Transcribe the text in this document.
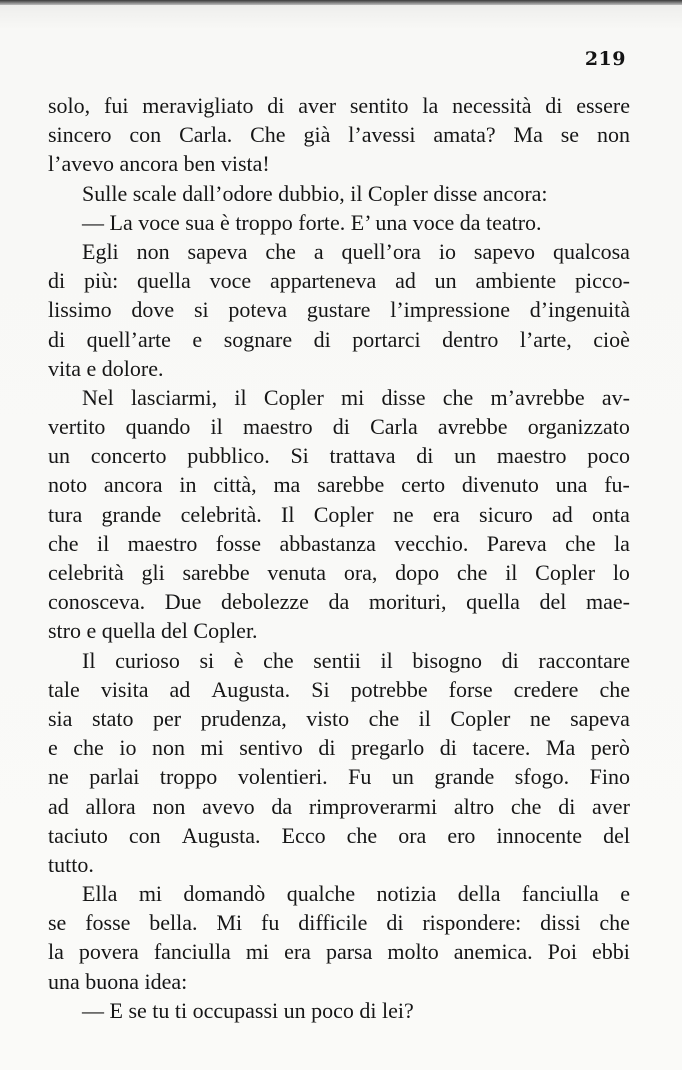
219
solo, fui meravigliato di aver sentito la necessità di essere
sincero con Carla. Che già l’avessi amata? Ma se non
l’avevo ancora ben vista!
Sulle scale dall’odore dubbio, il Copler disse ancora:
— La voce sua è troppo forte. E’ una voce da teatro.
Egli non sapeva che a quell’ora io sapevo qualcosa
di più: quella voce apparteneva ad un ambiente picco-
lissimo dove si poteva gustare l’impressione d’ingenuità
di quell’arte e sognare di portarci dentro l’arte, cioè
vita e dolore.
Nel lasciarmi, il Copler mi disse che m’avrebbe av-
vertito quando il maestro di Carla avrebbe organizzato
un concerto pubblico. Si trattava di un maestro poco
noto ancora in città, ma sarebbe certo divenuto una fu-
tura grande celebrità. Il Copler ne era sicuro ad onta
che il maestro fosse abbastanza vecchio. Pareva che la
celebrità gli sarebbe venuta ora, dopo che il Copler lo
conosceva. Due debolezze da morituri, quella del mae-
stro e quella del Copler.
Il curioso si è che sentii il bisogno di raccontare
tale visita ad Augusta. Si potrebbe forse credere che
sia stato per prudenza, visto che il Copler ne sapeva
e che io non mi sentivo di pregarlo di tacere. Ma però
ne parlai troppo volentieri. Fu un grande sfogo. Fino
ad allora non avevo da rimproverarmi altro che di aver
taciuto con Augusta. Ecco che ora ero innocente del
tutto.
Ella mi domandò qualche notizia della fanciulla e
se fosse bella. Mi fu difficile di rispondere: dissi che
la povera fanciulla mi era parsa molto anemica. Poi ebbi
una buona idea:
— E se tu ti occupassi un poco di lei?
